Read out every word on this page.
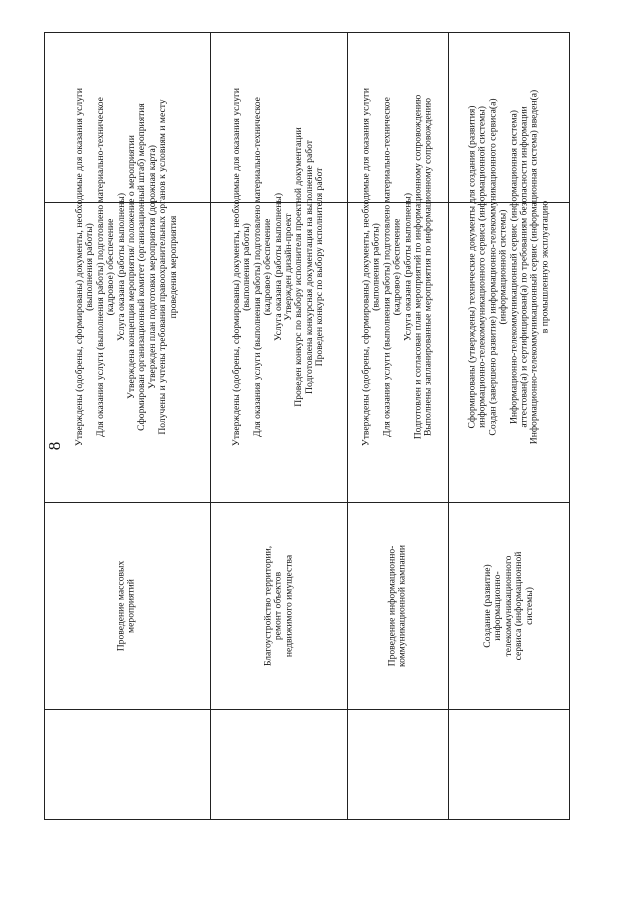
8
Проведение массовых мероприятий
Утверждены (одобрены, сформированы) документы, необходимые для оказания услуги (выполнения работы) Для оказания услуги (выполнения работы) подготовлено материально-техническое (кадровое) обеспечение Услуга оказана (работы выполнены) Утверждена концепция мероприятия/ положение о мероприятии Сформирован организационный комитет (организационный штаб) мероприятия Утвержден план подготовки мероприятия (дорожная карта) Получены и учтены требования правоохранительных органов к условиям и месту проведения мероприятия
Благоустройство территории, ремонт объектов недвижимого имущества
Утверждены (одобрены, сформированы) документы, необходимые для оказания услуги (выполнения работы) Для оказания услуги (выполнения работы) подготовлено материально-техническое (кадровое) обеспечение Услуга оказана (работы выполнены) Утвержден дизайн-проект Проведен конкурс по выбору исполнителя проектной документации Подготовлена конкурсная документация на выполнение работ Проведен конкурс по выбору исполнителя работ
Проведение информационно- коммуникационной кампании
Утверждены (одобрены, сформированы) документы, необходимые для оказания услуги (выполнения работы) Для оказания услуги (выполнения работы) подготовлено материально-техническое (кадровое) обеспечение Услуга оказана (работы выполнены) Подготовлен и согласован план мероприятий по информационному сопровождению Выполнены запланированные мероприятия по информационному сопровождению
Создание (развитие) информационно- телекоммуникационного сервиса (информационной системы)
Сформированы (утверждены) технические документы для создания (развития) информационно-телекоммуникационного сервиса (информационной системы) Создан (завершено развитие) информационно-телекоммуникационного сервиса(а) (информационной системы) Информационно-телекоммуникационный сервис (информационная система) аттестован(а) и сертифицирован(а) по требованиям безопасности информации Информационно-телекоммуникационный сервис (информационная система) введен(а) в промышленную эксплуатацию
